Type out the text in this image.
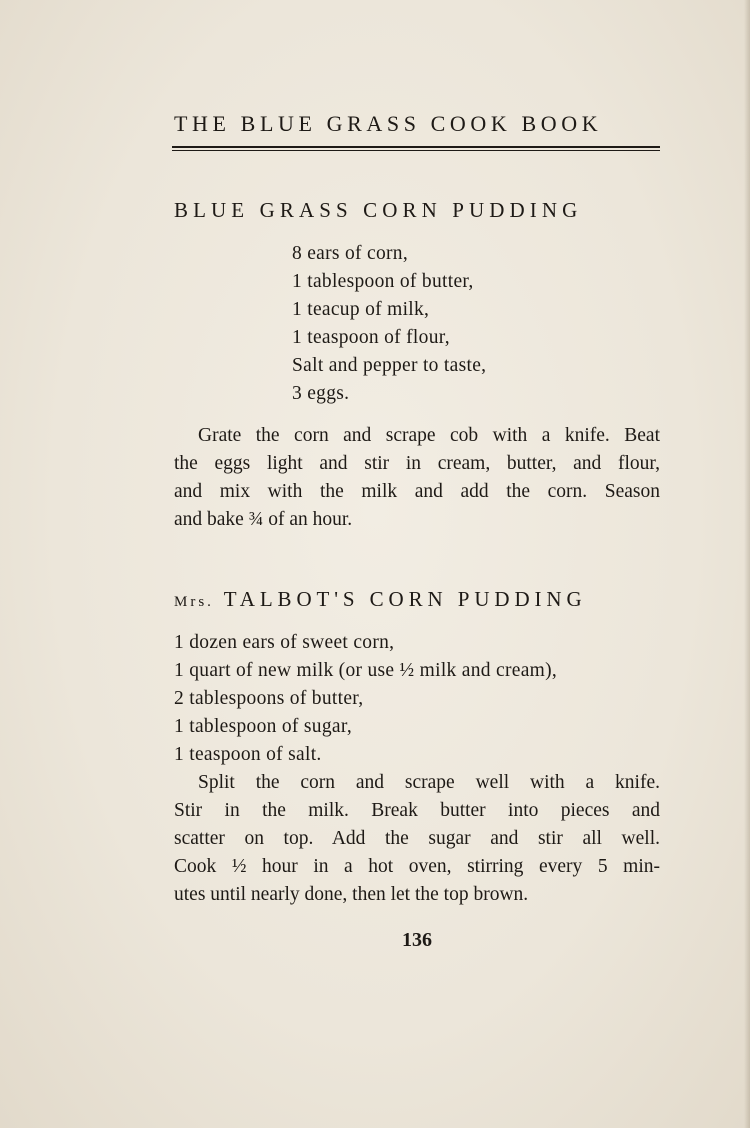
THE BLUE GRASS COOK BOOK
BLUE GRASS CORN PUDDING
8 ears of corn,
1 tablespoon of butter,
1 teacup of milk,
1 teaspoon of flour,
Salt and pepper to taste,
3 eggs.
Grate the corn and scrape cob with a knife. Beat
the eggs light and stir in cream, butter, and flour,
and mix with the milk and add the corn. Season
and bake ¾ of an hour.
Mrs. TALBOT'S CORN PUDDING
1 dozen ears of sweet corn,
1 quart of new milk (or use ½ milk and cream),
2 tablespoons of butter,
1 tablespoon of sugar,
1 teaspoon of salt.
Split the corn and scrape well with a knife.
Stir in the milk. Break butter into pieces and
scatter on top. Add the sugar and stir all well.
Cook ½ hour in a hot oven, stirring every 5 min-
utes until nearly done, then let the top brown.
136
